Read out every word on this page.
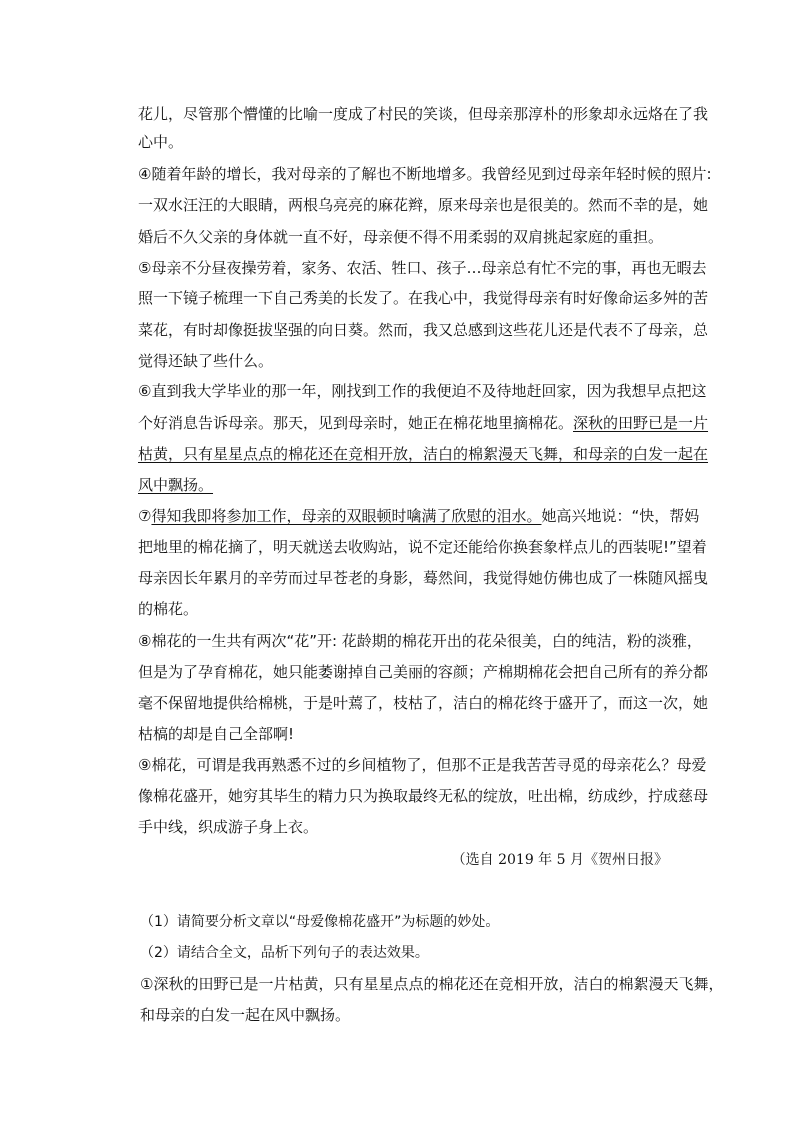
花儿，尽管那个懵懂的比喻一度成了村民的笑谈，但母亲那淳朴的形象却永远烙在了我
心中。
④随着年龄的增长，我对母亲的了解也不断地增多。我曾经见到过母亲年轻时候的照片:
一双水汪汪的大眼睛，两根乌亮亮的麻花辫，原来母亲也是很美的。然而不幸的是，她
婚后不久父亲的身体就一直不好，母亲便不得不用柔弱的双肩挑起家庭的重担。
⑤母亲不分昼夜操劳着，家务、农活、牲口、孩子…母亲总有忙不完的事，再也无暇去
照一下镜子梳理一下自己秀美的长发了。在我心中，我觉得母亲有时好像命运多舛的苦
菜花，有时却像挺拔坚强的向日葵。然而，我又总感到这些花儿还是代表不了母亲，总
觉得还缺了些什么。
⑥直到我大学毕业的那一年，刚找到工作的我便迫不及待地赶回家，因为我想早点把这
个好消息告诉母亲。那天，见到母亲时，她正在棉花地里摘棉花。深秋的田野已是一片
枯黄，只有星星点点的棉花还在竞相开放，洁白的棉絮漫天飞舞，和母亲的白发一起在
风中飘扬。
⑦得知我即将参加工作，母亲的双眼顿时噙满了欣慰的泪水。她高兴地说：“快，帮妈
把地里的棉花摘了，明天就送去收购站，说不定还能给你换套象样点儿的西装呢!”望着
母亲因长年累月的辛劳而过早苍老的身影，蓦然间，我觉得她仿佛也成了一株随风摇曳
的棉花。
⑧棉花的一生共有两次“花”开: 花龄期的棉花开出的花朵很美，白的纯洁，粉的淡雅，
但是为了孕育棉花，她只能萎谢掉自己美丽的容颜；产棉期棉花会把自己所有的养分都
毫不保留地提供给棉桃，于是叶蔫了，枝枯了，洁白的棉花终于盛开了，而这一次，她
枯槁的却是自己全部啊!
⑨棉花，可谓是我再熟悉不过的乡间植物了，但那不正是我苦苦寻觅的母亲花么？母爱
像棉花盛开，她穷其毕生的精力只为换取最终无私的绽放，吐出棉，纺成纱，拧成慈母
手中线，织成游子身上衣。
（选自 2019 年 5 月《贺州日报》
（1）请简要分析文章以“母爱像棉花盛开”为标题的妙处。
（2）请结合全文，品析下列句子的表达效果。
①深秋的田野已是一片枯黄，只有星星点点的棉花还在竞相开放，洁白的棉絮漫天飞舞，
和母亲的白发一起在风中飘扬。
